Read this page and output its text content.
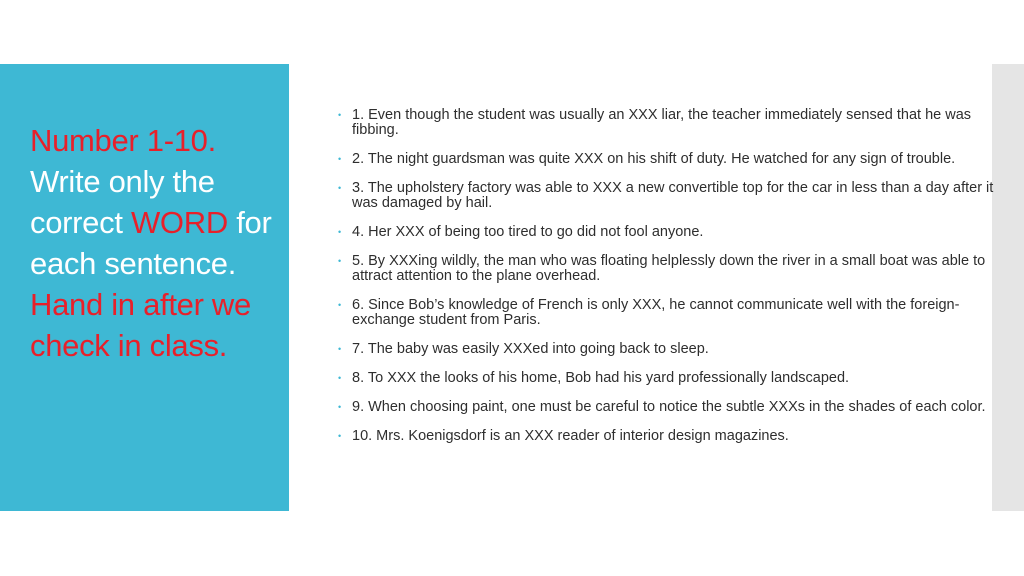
Number 1-10. Write only the correct WORD for each sentence. Hand in after we check in class.
• 1. Even though the student was usually an XXX liar, the teacher immediately sensed that he was fibbing.
• 2. The night guardsman was quite XXX on his shift of duty. He watched for any sign of trouble.
• 3. The upholstery factory was able to XXX a new convertible top for the car in less than a day after it was damaged by hail.
• 4. Her XXX of being too tired to go did not fool anyone.
• 5. By XXXing wildly, the man who was floating helplessly down the river in a small boat was able to attract attention to the plane overhead.
• 6. Since Bob’s knowledge of French is only XXX, he cannot communicate well with the foreign-exchange student from Paris.
• 7. The baby was easily XXXed into going back to sleep.
• 8. To XXX the looks of his home, Bob had his yard professionally landscaped.
• 9. When choosing paint, one must be careful to notice the subtle XXXs in the shades of each color.
• 10. Mrs. Koenigsdorf is an XXX reader of interior design magazines.
